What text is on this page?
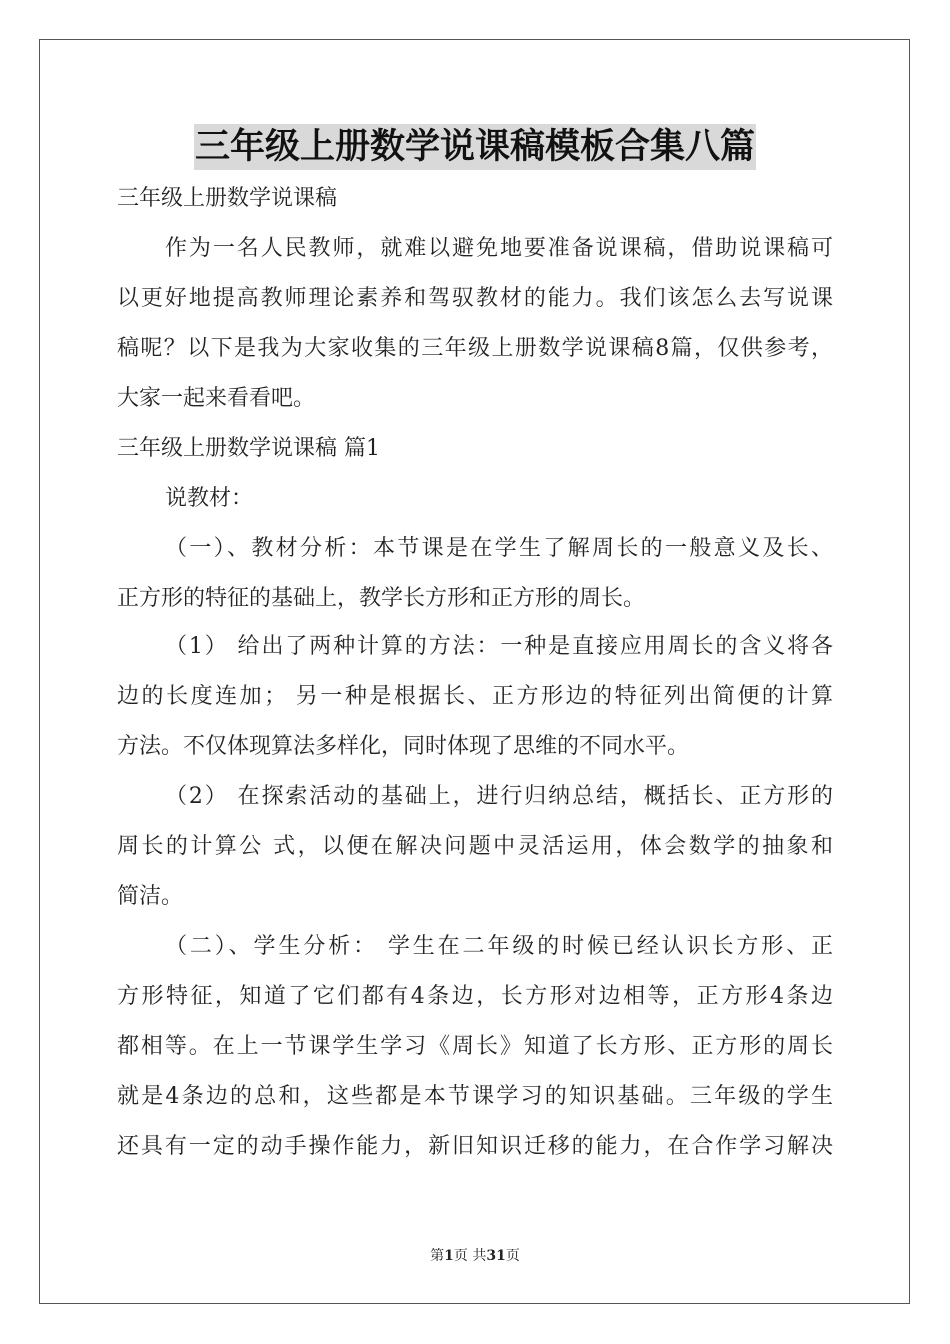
三年级上册数学说课稿模板合集八篇
三年级上册数学说课稿
作为一名人民教师，就难以避免地要准备说课稿，借助说课稿可
以更好地提高教师理论素养和驾驭教材的能力。我们该怎么去写说课
稿呢？以下是我为大家收集的三年级上册数学说课稿8篇，仅供参考，
大家一起来看看吧。
三年级上册数学说课稿 篇1
说教材：
（一）、教材分析：本节课是在学生了解周长的一般意义及长、
正方形的特征的基础上，教学长方形和正方形的周长。
（1） 给出了两种计算的方法：一种是直接应用周长的含义将各
边的长度连加； 另一种是根据长、正方形边的特征列出简便的计算
方法。不仅体现算法多样化，同时体现了思维的不同水平。
（2） 在探索活动的基础上，进行归纳总结，概括长、正方形的
周长的计算公 式，以便在解决问题中灵活运用，体会数学的抽象和
简洁。
（二）、学生分析： 学生在二年级的时候已经认识长方形、正
方形特征，知道了它们都有4条边，长方形对边相等，正方形4条边
都相等。在上一节课学生学习《周长》知道了长方形、正方形的周长
就是4条边的总和，这些都是本节课学习的知识基础。三年级的学生
还具有一定的动手操作能力，新旧知识迁移的能力，在合作学习解决
第1页 共31页
